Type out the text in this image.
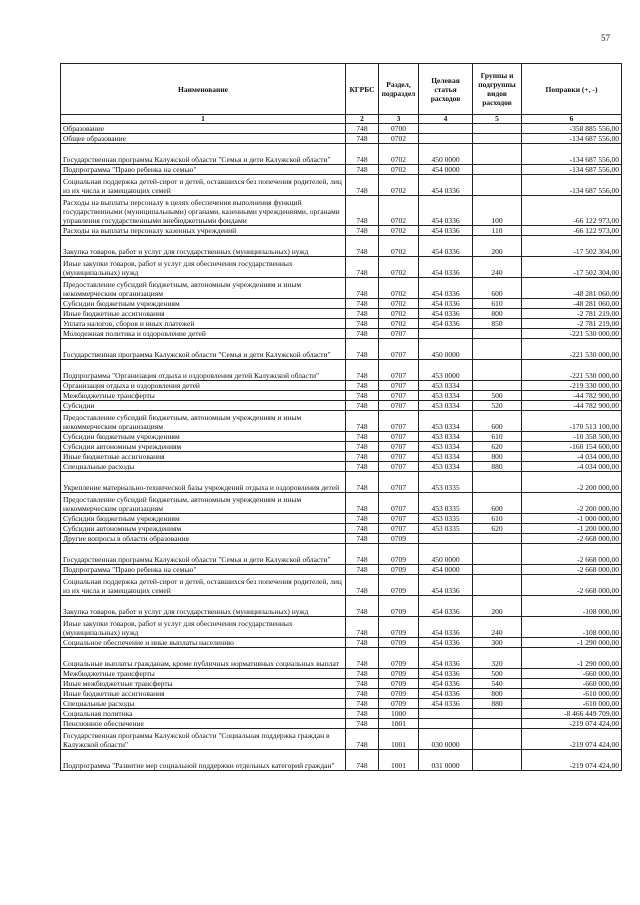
57
Наименование	КГРБС	Раздел, подраздел	Целевая статья расходов	Группы и подгруппы видов расходов	Поправки (+, -)
1	2	3	4	5	6
Образование	748	0700			-358 885 556,00
Общее образование	748	0702			-134 687 556,00
Государственная программа Калужской области "Семья и дети Калужской области"	748	0702	450 0000		-134 687 556,00
Подпрограмма "Право ребенка на семью"	748	0702	454 0000		-134 687 556,00
Социальная поддержка детей-сирот и детей, оставшихся без попечения родителей, лиц из их числа и замещающих семей	748	0702	454 0336		-134 687 556,00
Расходы на выплаты персоналу в целях обеспечения выполнения функций государственными (муниципальными) органами, казенными учреждениями, органами управления государственными внебюджетными фондами	748	0702	454 0336	100	-66 122 973,00
Расходы на выплаты персоналу казенных учреждений	748	0702	454 0336	110	-66 122 973,00
Закупка товаров, работ и услуг для государственных (муниципальных) нужд	748	0702	454 0336	200	-17 502 304,00
Иные закупки товаров, работ и услуг для обеспечения государственных (муниципальных) нужд	748	0702	454 0336	240	-17 502 304,00
Предоставление субсидий бюджетным, автономным учреждениям и иным некоммерческим организациям	748	0702	454 0336	600	-48 281 060,00
Субсидии бюджетным учреждениям	748	0702	454 0336	610	-48 281 060,00
Иные бюджетные ассигнования	748	0702	454 0336	800	-2 781 219,00
Уплата налогов, сборов и иных платежей	748	0702	454 0336	850	-2 781 219,00
Молодежная политика и оздоровление детей	748	0707			-221 530 000,00
Государственная программа Калужской области "Семья и дети Калужской области"	748	0707	450 0000		-221 530 000,00
Подпрограмма "Организация отдыха и оздоровления детей Калужской области"	748	0707	453 0000		-221 530 000,00
Организация отдыха и оздоровления детей	748	0707	453 0334		-219 330 000,00
Межбюджетные трансферты	748	0707	453 0334	500	-44 782 900,00
Субсидии	748	0707	453 0334	520	-44 782 900,00
Предоставление субсидий бюджетным, автономным учреждениям и иным некоммерческим организациям	748	0707	453 0334	600	-170 513 100,00
Субсидии бюджетным учреждениям	748	0707	453 0334	610	-10 358 500,00
Субсидии автономным учреждениям	748	0707	453 0334	620	-160 154 600,00
Иные бюджетные ассигнования	748	0707	453 0334	800	-4 034 000,00
Специальные расходы	748	0707	453 0334	880	-4 034 000,00
Укрепление материально-технической базы учреждений отдыха и оздоровления детей	748	0707	453 0335		-2 200 000,00
Предоставление субсидий бюджетным, автономным учреждениям и иным некоммерческим организациям	748	0707	453 0335	600	-2 200 000,00
Субсидии бюджетным учреждениям	748	0707	453 0335	610	-1 000 000,00
Субсидии автономным учреждениям	748	0707	453 0335	620	-1 200 000,00
Другие вопросы в области образования	748	0709			-2 668 000,00
Государственная программа Калужской области "Семья и дети Калужской области"	748	0709	450 0000		-2 668 000,00
Подпрограмма "Право ребенка на семью"	748	0709	454 0000		-2 668 000,00
Социальная поддержка детей-сирот и детей, оставшихся без попечения родителей, лиц из их числа и замещающих семей	748	0709	454 0336		-2 668 000,00
Закупка товаров, работ и услуг для государственных (муниципальных) нужд	748	0709	454 0336	200	-108 000,00
Иные закупки товаров, работ и услуг для обеспечения государственных (муниципальных) нужд	748	0709	454 0336	240	-108 000,00
Социальное обеспечение и иные выплаты населению	748	0709	454 0336	300	-1 290 000,00
Социальные выплаты гражданам, кроме публичных нормативных социальных выплат	748	0709	454 0336	320	-1 290 000,00
Межбюджетные трансферты	748	0709	454 0336	500	-660 000,00
Иные межбюджетные трансферты	748	0709	454 0336	540	-660 000,00
Иные бюджетные ассигнования	748	0709	454 0336	800	-610 000,00
Специальные расходы	748	0709	454 0336	880	-610 000,00
Социальная политика	748	1000			-8 466 449 709,00
Пенсионное обеспечение	748	1001			-219 074 424,00
Государственная программа Калужской области "Социальная поддержка граждан в Калужской области"	748	1001	030 0000		-219 074 424,00
Подпрограмма "Развитие мер социальной поддержки отдельных категорий граждан"	748	1001	031 0000		-219 074 424,00
